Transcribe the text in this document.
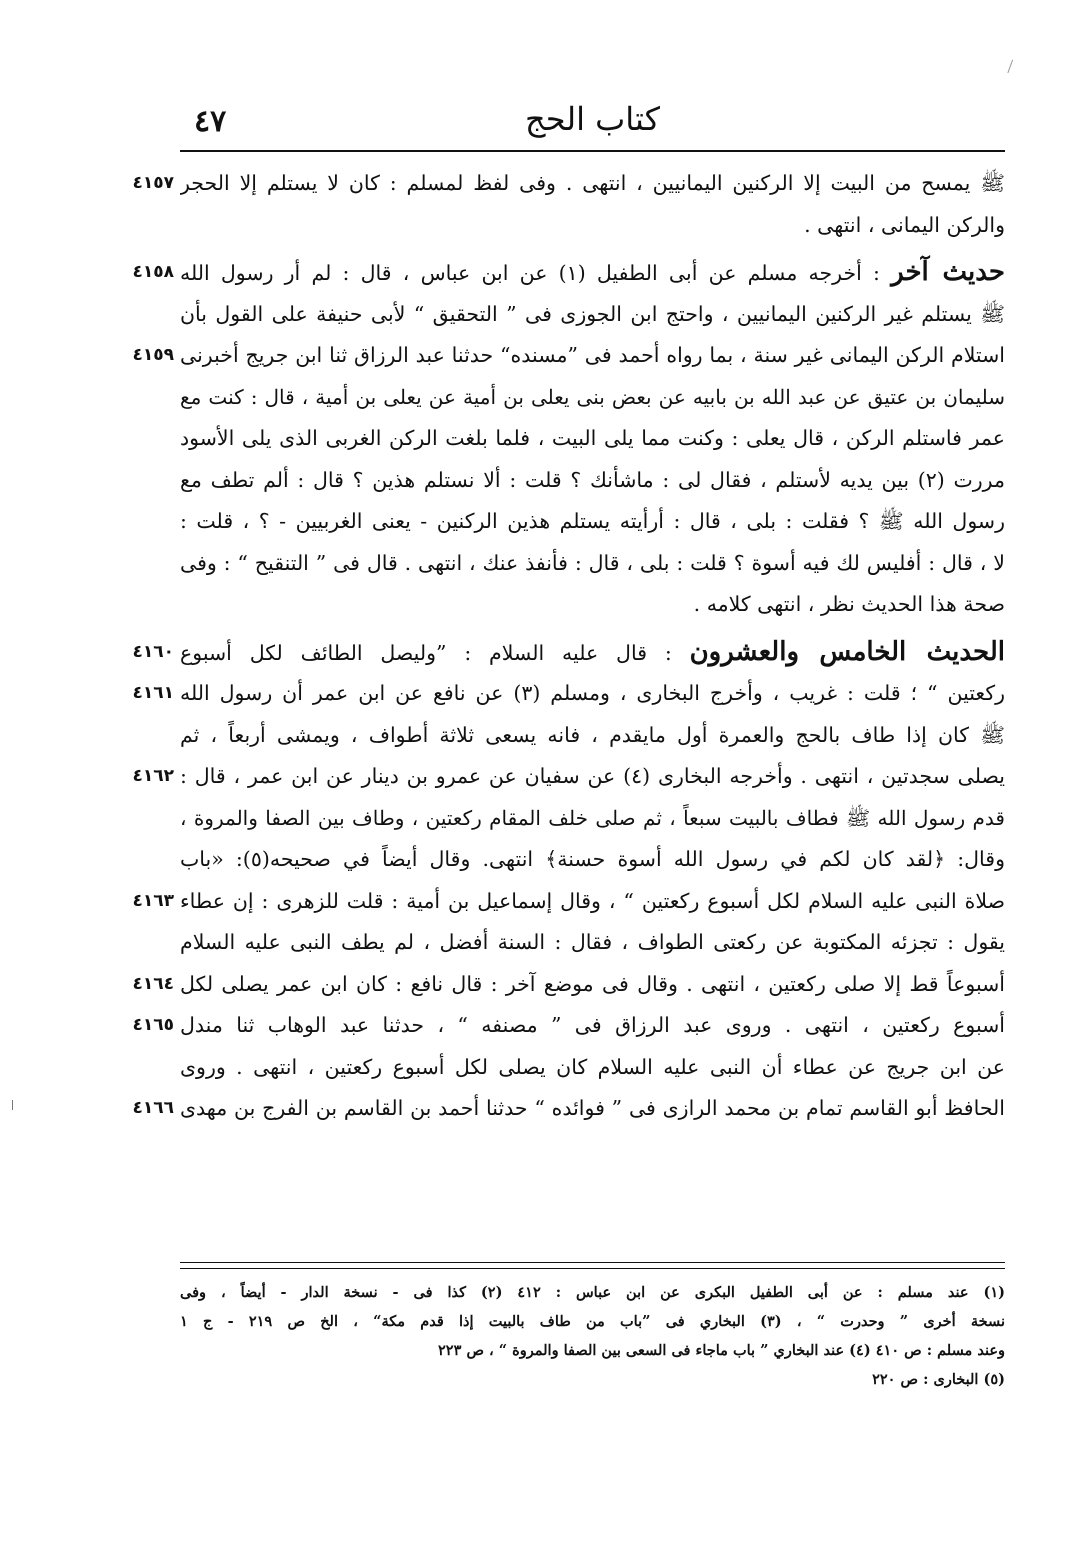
كتاب الحج
٤٧
ﷺ يمسح من البيت إلا الركنين اليمانيين ، انتهى . وفى لفظ لمسلم : كان لا يستلم إلا الحجر
٤١٥٧
والركن اليمانى ، انتهى .
حديث آخر : أخرجه مسلم عن أبى الطفيل (١) عن ابن عباس ، قال : لم أر رسول الله
٤١٥٨
ﷺ يستلم غير الركنين اليمانيين ، واحتج ابن الجوزى فى ” التحقيق “ لأبى حنيفة على القول بأن
استلام الركن اليمانى غير سنة ، بما رواه أحمد فى ”مسنده“ حدثنا عبد الرزاق ثنا ابن جريج أخبرنى
٤١٥٩
سليمان بن عتيق عن عبد الله بن بابيه عن بعض بنى يعلى بن أمية عن يعلى بن أمية ، قال : كنت مع
عمر فاستلم الركن ، قال يعلى : وكنت مما يلى البيت ، فلما بلغت الركن الغربى الذى يلى الأسود
مررت (٢) بين يديه لأستلم ، فقال لى : ماشأنك ؟ قلت : ألا نستلم هذين ؟ قال : ألم تطف مع
رسول الله ﷺ ؟ فقلت : بلى ، قال : أرأيته يستلم هذين الركنين - يعنى الغربيين - ؟ ، قلت :
لا ، قال : أفليس لك فيه أسوة ؟ قلت : بلى ، قال : فأنفذ عنك ، انتهى . قال فى ” التنقيح “ : وفى
صحة هذا الحديث نظر ، انتهى كلامه .
الحديث الخامس والعشرون : قال عليه السلام : ”وليصل الطائف لكل أسبوع
٤١٦٠
ركعتين “ ؛ قلت : غريب ، وأخرج البخارى ، ومسلم (٣) عن نافع عن ابن عمر أن رسول الله
٤١٦١
ﷺ كان إذا طاف بالحج والعمرة أول مايقدم ، فانه يسعى ثلاثة أطواف ، ويمشى أربعاً ، ثم
يصلى سجدتين ، انتهى . وأخرجه البخارى (٤) عن سفيان عن عمرو بن دينار عن ابن عمر ، قال :
٤١٦٢
قدم رسول الله ﷺ فطاف بالبيت سبعاً ، ثم صلى خلف المقام ركعتين ، وطاف بين الصفا والمروة ،
وقال: ﴿لقد كان لكم في رسول الله أسوة حسنة﴾ انتهى. وقال أيضاً في صحيحه(٥): «باب
صلاة النبى عليه السلام لكل أسبوع ركعتين “ ، وقال إسماعيل بن أمية : قلت للزهرى : إن عطاء
٤١٦٣
يقول : تجزئه المكتوبة عن ركعتى الطواف ، فقال : السنة أفضل ، لم يطف النبى عليه السلام
أسبوعاً قط إلا صلى ركعتين ، انتهى . وقال فى موضع آخر : قال نافع : كان ابن عمر يصلى لكل
٤١٦٤
أسبوع ركعتين ، انتهى . وروى عبد الرزاق فى ” مصنفه “ ، حدثنا عبد الوهاب ثنا مندل
٤١٦٥
عن ابن جريج عن عطاء أن النبى عليه السلام كان يصلى لكل أسبوع ركعتين ، انتهى . وروى
الحافظ أبو القاسم تمام بن محمد الرازى فى ” فوائده “ حدثنا أحمد بن القاسم بن الفرج بن مهدى
٤١٦٦
(١) عند مسلم : عن أبى الطفيل البكرى عن ابن عباس : ٤١٢ (٢) كذا فى - نسخة الدار - أيضاً ، وفى
نسخة أخرى ” وحدرت “ ، (٣) البخاري فى ”باب من طاف بالبيت إذا قدم مكة“ ، الخ ص ٢١٩ - ج ١
وعند مسلم : ص ٤١٠ (٤) عند البخاري ” باب ماجاء فى السعى بين الصفا والمروة “ ، ص ٢٢٣
(٥) البخارى : ص ٢٢٠
